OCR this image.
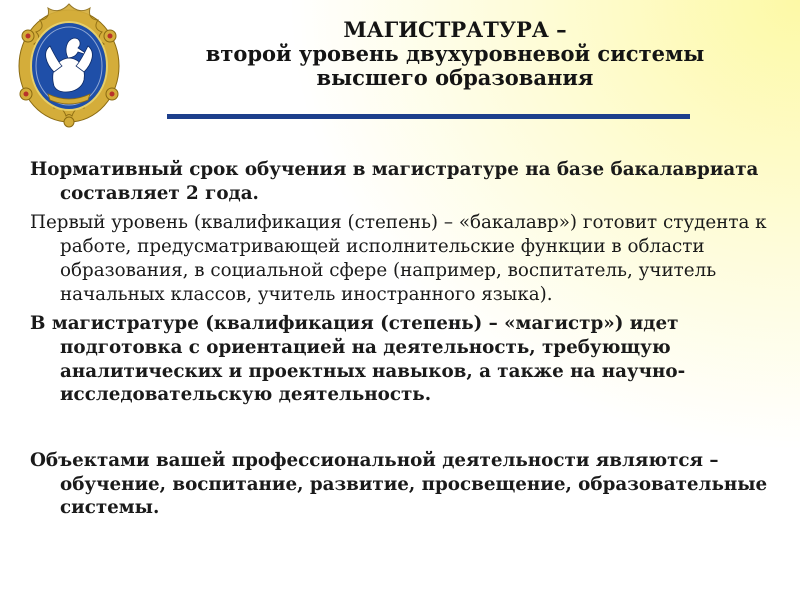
МАГИСТРАТУРА –
второй уровень двухуровневой системы
высшего образования

Нормативный срок обучения в магистратуре на базе бакалавриата составляет 2 года.

Первый уровень (квалификация (степень) – «бакалавр») готовит студента к работе, предусматривающей исполнительские функции в области образования, в социальной сфере (например, воспитатель, учитель начальных классов, учитель иностранного языка).

В магистратуре (квалификация (степень) – «магистр») идет подготовка с ориентацией на деятельность, требующую аналитических и проектных навыков, а также на научно-исследовательскую деятельность.

Объектами вашей профессиональной деятельности являются – обучение, воспитание, развитие, просвещение, образовательные системы.
